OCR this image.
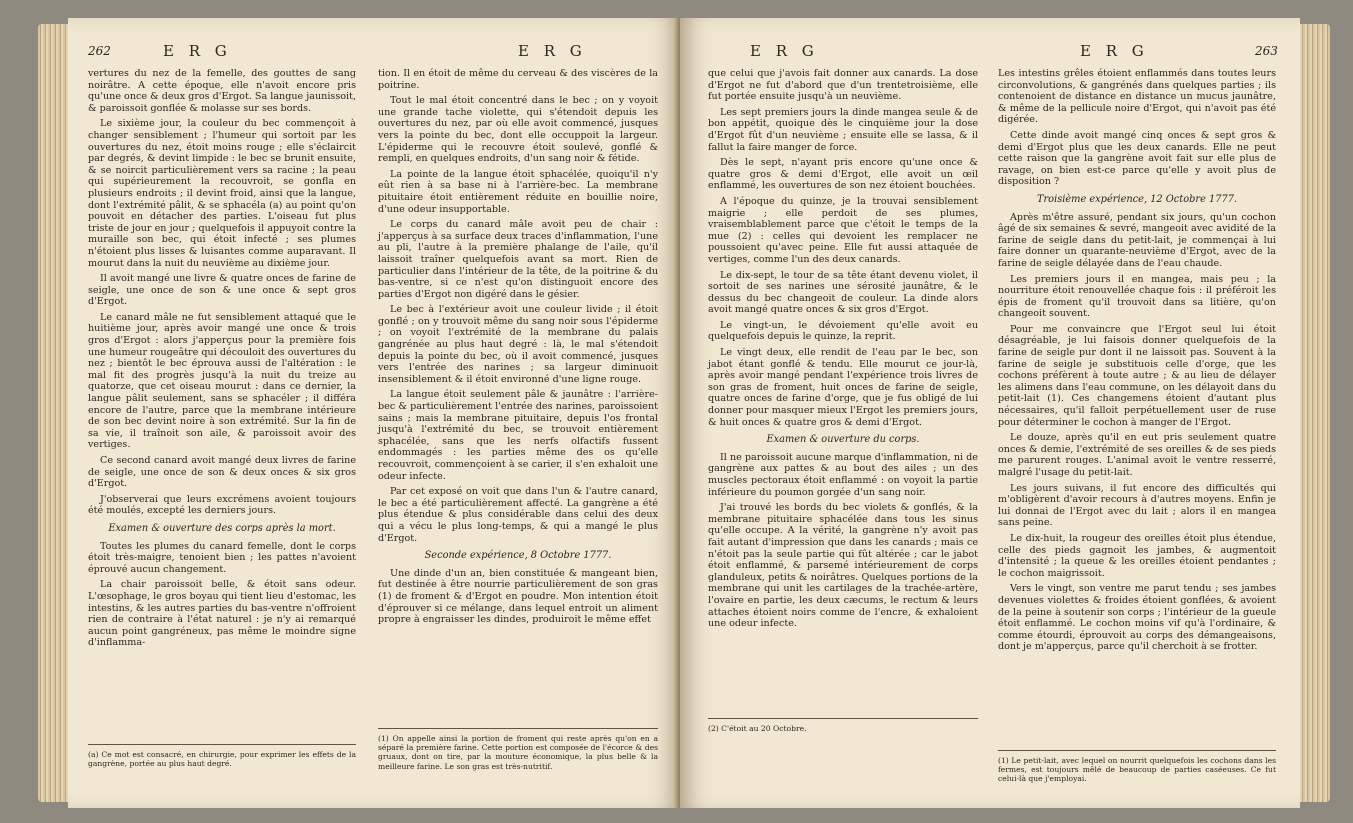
262	E R G	E R G

vertures du nez de la femelle, des gouttes de sang noirâtre. A cette époque, elle n'avoit encore pris qu'une once & deux gros d'Ergot. Sa langue jaunissoit, & paroissoit gonflée & molasse sur ses bords.

Le sixième jour, la couleur du bec commençoit à changer sensiblement ; l'humeur qui sortoit par les ouvertures du nez, étoit moins rouge ; elle s'éclaircit par degrés, & devint limpide : le bec se brunit ensuite, & se noircit particulièrement vers sa racine ; la peau qui supérieurement la recouvroit, se gonfla en plusieurs endroits ; il devint froid, ainsi que la langue, dont l'extrémité pâlit, & se sphacéla (a) au point qu'on pouvoit en détacher des parties. L'oiseau fut plus triste de jour en jour ; quelquefois il appuyoit contre la muraille son bec, qui étoit infecté ; ses plumes n'étoient plus lisses & luisantes comme auparavant. Il mourut dans la nuit du neuvième au dixième jour.

Il avoit mangé une livre & quatre onces de farine de seigle, une once de son & une once & sept gros d'Ergot.

Le canard mâle ne fut sensiblement attaqué que le huitième jour, après avoir mangé une once & trois gros d'Ergot : alors j'apperçus pour la première fois une humeur rougeâtre qui découloit des ouvertures du nez ; bientôt le bec éprouva aussi de l'altération : le mal fit des progrès jusqu'à la nuit du treize au quatorze, que cet oiseau mourut : dans ce dernier, la langue pâlit seulement, sans se sphacéler ; il différa encore de l'autre, parce que la membrane intérieure de son bec devint noire à son extrémité. Sur la fin de sa vie, il traînoit son aile, & paroissoit avoir des vertiges.

Ce second canard avoit mangé deux livres de farine de seigle, une once de son & deux onces & six gros d'Ergot.

J'observerai que leurs excrémens avoient toujours été moulés, excepté les derniers jours.

Examen & ouverture des corps après la mort.

Toutes les plumes du canard femelle, dont le corps étoit très-maigre, tenoient bien ; les pattes n'avoient éprouvé aucun changement.

La chair paroissoit belle, & étoit sans odeur. L'œsophage, le gros boyau qui tient lieu d'estomac, les intestins, & les autres parties du bas-ventre n'offroient rien de contraire à l'état naturel : je n'y ai remarqué aucun point gangréneux, pas même le moindre signe d'inflamma-

(a) Ce mot est consacré, en chirurgie, pour exprimer les effets de la gangrène, portée au plus haut degré.

tion. Il en étoit de même du cerveau & des viscères de la poitrine.

Tout le mal étoit concentré dans le bec ; on y voyoit une grande tache violette, qui s'étendoit depuis les ouvertures du nez, par où elle avoit commencé, jusques vers la pointe du bec, dont elle occuppoit la largeur. L'épiderme qui le recouvre étoit soulevé, gonflé & rempli, en quelques endroits, d'un sang noir & fétide.

La pointe de la langue étoit sphacélée, quoiqu'il n'y eût rien à sa base ni à l'arrière-bec. La membrane pituitaire étoit entièrement réduite en bouillie noire, d'une odeur insupportable.

Le corps du canard mâle avoit peu de chair : j'apperçus à sa surface deux traces d'inflammation, l'une au pli, l'autre à la première phalange de l'aile, qu'il laissoit traîner quelquefois avant sa mort. Rien de particulier dans l'intérieur de la tête, de la poitrine & du bas-ventre, si ce n'est qu'on distinguoit encore des parties d'Ergot non digéré dans le gésier.

Le bec à l'extérieur avoit une couleur livide ; il étoit gonflé ; on y trouvoit même du sang noir sous l'épiderme ; on voyoit l'extrémité de la membrane du palais gangrénée au plus haut degré : là, le mal s'étendoit depuis la pointe du bec, où il avoit commencé, jusques vers l'entrée des narines ; sa largeur diminuoit insensiblement & il étoit environné d'une ligne rouge.

La langue étoit seulement pâle & jaunâtre : l'arrière-bec & particulièrement l'entrée des narines, paroissoient sains ; mais la membrane pituitaire, depuis l'os frontal jusqu'à l'extrémité du bec, se trouvoit entièrement sphacélée, sans que les nerfs olfactifs fussent endommagés : les parties même des os qu'elle recouvroit, commençoient à se carier, il s'en exhaloit une odeur infecte.

Par cet exposé on voit que dans l'un & l'autre canard, le bec a été particulièrement affecté. La gangrène a été plus étendue & plus considérable dans celui des deux qui a vécu le plus long-temps, & qui a mangé le plus d'Ergot.

Seconde expérience, 8 Octobre 1777.

Une dinde d'un an, bien constituée & mangeant bien, fut destinée à être nourrie particulièrement de son gras (1) de froment & d'Ergot en poudre. Mon intention étoit d'éprouver si ce mélange, dans lequel entroit un aliment propre à engraisser les dindes, produiroit le même effet

(1) On appelle ainsi la portion de froment qui reste après qu'on en a séparé la première farine. Cette portion est composée de l'écorce & des gruaux, dont on tire, par la mouture économique, la plus belle & la meilleure farine. Le son gras est très-nutritif.

E R G	E R G	263

que celui que j'avois fait donner aux canards. La dose d'Ergot ne fut d'abord que d'un trentetroisième, elle fut portée ensuite jusqu'à un neuvième.

Les sept premiers jours la dinde mangea seule & de bon appétit, quoique dès le cinquième jour la dose d'Ergot fût d'un neuvième ; ensuite elle se lassa, & il fallut la faire manger de force.

Dès le sept, n'ayant pris encore qu'une once & quatre gros & demi d'Ergot, elle avoit un œil enflammé, les ouvertures de son nez étoient bouchées.

A l'époque du quinze, je la trouvai sensiblement maigrie ; elle perdoit de ses plumes, vraisemblablement parce que c'étoit le temps de la mue (2) : celles qui devoient les remplacer ne poussoient qu'avec peine. Elle fut aussi attaquée de vertiges, comme l'un des deux canards.

Le dix-sept, le tour de sa tête étant devenu violet, il sortoit de ses narines une sérosité jaunâtre, & le dessus du bec changeoit de couleur. La dinde alors avoit mangé quatre onces & six gros d'Ergot.

Le vingt-un, le dévoiement qu'elle avoit eu quelquefois depuis le quinze, la reprit.

Le vingt deux, elle rendit de l'eau par le bec, son jabot étant gonflé & tendu. Elle mourut ce jour-là, après avoir mangé pendant l'expérience trois livres de son gras de froment, huit onces de farine de seigle, quatre onces de farine d'orge, que je fus obligé de lui donner pour masquer mieux l'Ergot les premiers jours, & huit onces & quatre gros & demi d'Ergot.

Examen & ouverture du corps.

Il ne paroissoit aucune marque d'inflammation, ni de gangrène aux pattes & au bout des ailes ; un des muscles pectoraux étoit enflammé : on voyoit la partie inférieure du poumon gorgée d'un sang noir.

J'ai trouvé les bords du bec violets & gonflés, & la membrane pituitaire sphacélée dans tous les sinus qu'elle occupe. A la vérité, la gangrène n'y avoit pas fait autant d'impression que dans les canards ; mais ce n'étoit pas la seule partie qui fût altérée ; car le jabot étoit enflammé, & parsemé intérieurement de corps glanduleux, petits & noirâtres. Quelques portions de la membrane qui unit les cartilages de la trachée-artère, l'ovaire en partie, les deux cæcums, le rectum & leurs attaches étoient noirs comme de l'encre, & exhaloient une odeur infecte.

(2) C'étoit au 20 Octobre.

Les intestins grêles étoient enflammés dans toutes leurs circonvolutions, & gangrénés dans quelques parties ; ils contenoient de distance en distance un mucus jaunâtre, & même de la pellicule noire d'Ergot, qui n'avoit pas été digérée.

Cette dinde avoit mangé cinq onces & sept gros & demi d'Ergot plus que les deux canards. Elle ne peut cette raison que la gangrène avoit fait sur elle plus de ravage, on bien est-ce parce qu'elle y avoit plus de disposition ?

Troisième expérience, 12 Octobre 1777.

Après m'être assuré, pendant six jours, qu'un cochon âgé de six semaines & sevré, mangeoit avec avidité de la farine de seigle dans du petit-lait, je commençai à lui faire donner un quarante-neuvième d'Ergot, avec de la farine de seigle délayée dans de l'eau chaude.

Les premiers jours il en mangea, mais peu ; la nourriture étoit renouvellée chaque fois : il préféroit les épis de froment qu'il trouvoit dans sa litière, qu'on changeoit souvent.

Pour me convaincre que l'Ergot seul lui étoit désagréable, je lui faisois donner quelquefois de la farine de seigle pur dont il ne laissoit pas. Souvent à la farine de seigle je substituois celle d'orge, que les cochons préfèrent à toute autre ; & au lieu de délayer les alimens dans l'eau commune, on les délayoit dans du petit-lait (1). Ces changemens étoient d'autant plus nécessaires, qu'il falloit perpétuellement user de ruse pour déterminer le cochon à manger de l'Ergot.

Le douze, après qu'il en eut pris seulement quatre onces & demie, l'extrémité de ses oreilles & de ses pieds me parurent rouges. L'animal avoit le ventre resserré, malgré l'usage du petit-lait.

Les jours suivans, il fut encore des difficultés qui m'obligèrent d'avoir recours à d'autres moyens. Enfin je lui donnai de l'Ergot avec du lait ; alors il en mangea sans peine.

Le dix-huit, la rougeur des oreilles étoit plus étendue, celle des pieds gagnoit les jambes, & augmentoit d'intensité ; la queue & les oreilles étoient pendantes ; le cochon maigrissoit.

Vers le vingt, son ventre me parut tendu ; ses jambes devenues violettes & froides étoient gonflées, & avoient de la peine à soutenir son corps ; l'intérieur de la gueule étoit enflammé. Le cochon moins vif qu'à l'ordinaire, & comme étourdi, éprouvoit au corps des démangeaisons, dont je m'apperçus, parce qu'il cherchoit à se frotter.

(1) Le petit-lait, avec lequel on nourrit quelquefois les cochons dans les fermes, est toujours mêlé de beaucoup de parties caséeuses. Ce fut celui-là que j'employai.
